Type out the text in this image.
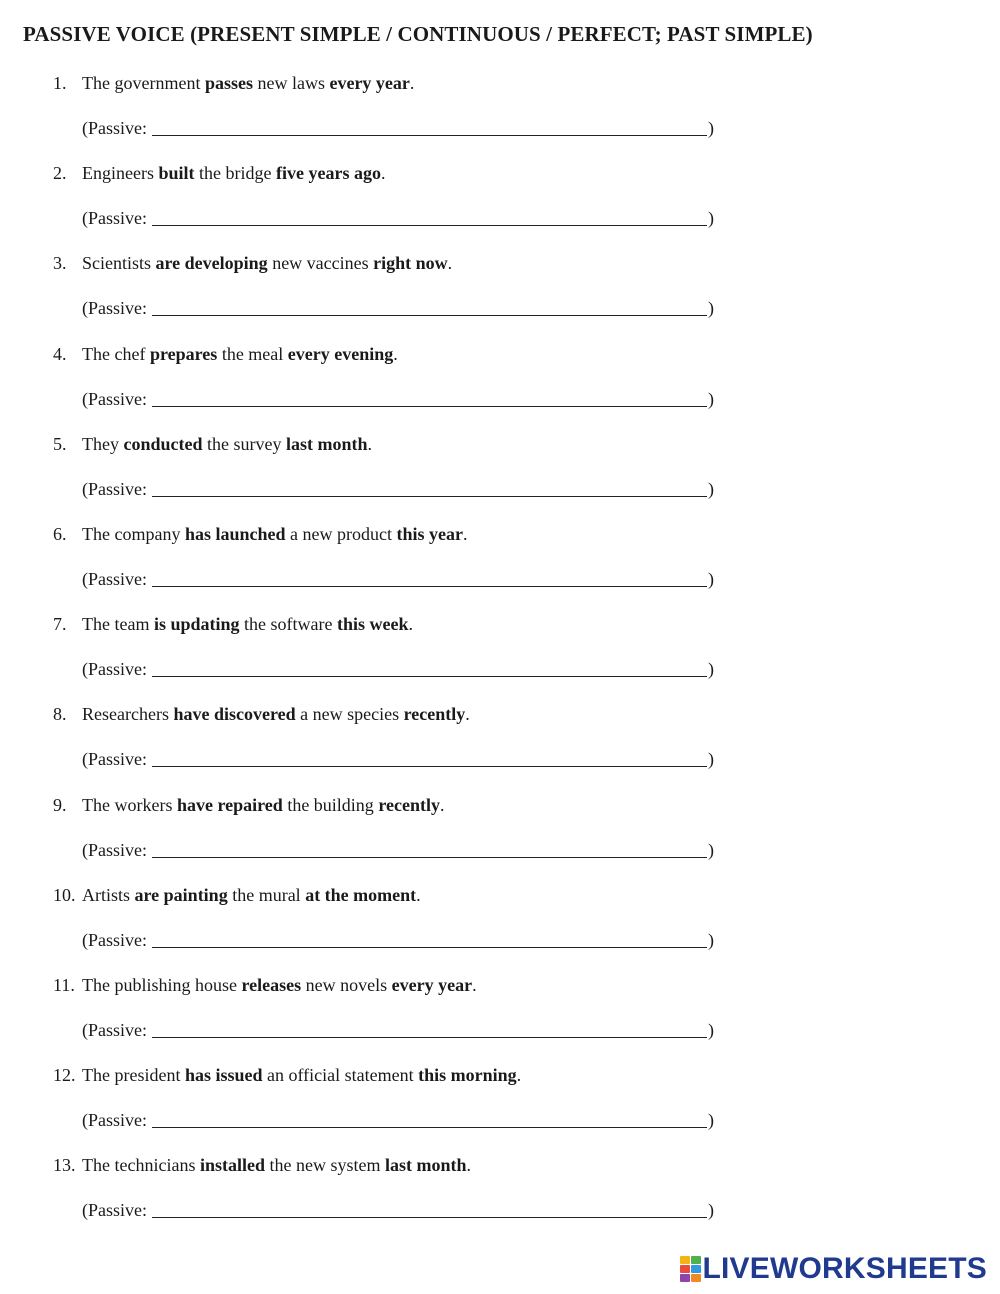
PASSIVE VOICE (PRESENT SIMPLE / CONTINUOUS / PERFECT; PAST SIMPLE)
1. The government passes new laws every year.
(Passive:	)
2. Engineers built the bridge five years ago.
(Passive:	)
3. Scientists are developing new vaccines right now.
(Passive:	)
4. The chef prepares the meal every evening.
(Passive:	)
5. They conducted the survey last month.
(Passive:	)
6. The company has launched a new product this year.
(Passive:	)
7. The team is updating the software this week.
(Passive:	)
8. Researchers have discovered a new species recently.
(Passive:	)
9. The workers have repaired the building recently.
(Passive:	)
10. Artists are painting the mural at the moment.
(Passive:	)
11. The publishing house releases new novels every year.
(Passive:	)
12. The president has issued an official statement this morning.
(Passive:	)
13. The technicians installed the new system last month.
(Passive:	)
LIVEWORKSHEETS
